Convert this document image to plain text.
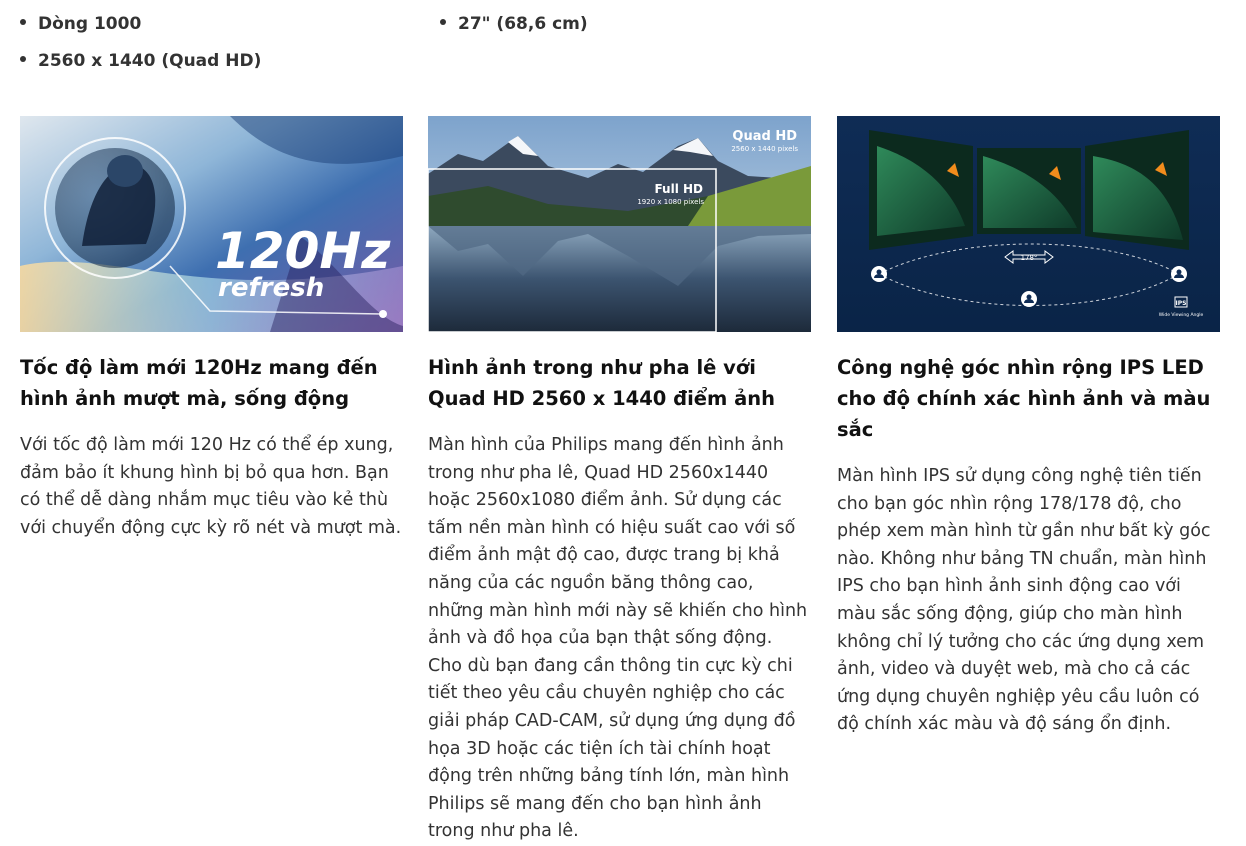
Dòng 1000	27" (68,6 cm)
2560 x 1440 (Quad HD)
120Hz
refresh
Tốc độ làm mới 120Hz mang đến hình ảnh mượt mà, sống động

Với tốc độ làm mới 120 Hz có thể ép xung, đảm bảo ít khung hình bị bỏ qua hơn. Bạn có thể dễ dàng nhắm mục tiêu vào kẻ thù với chuyển động cực kỳ rõ nét và mượt mà.

Quad HD
2560 x 1440 pixels
Full HD
1920 x 1080 pixels
Hình ảnh trong như pha lê với Quad HD 2560 x 1440 điểm ảnh

Màn hình của Philips mang đến hình ảnh trong như pha lê, Quad HD 2560x1440 hoặc 2560x1080 điểm ảnh. Sử dụng các tấm nền màn hình có hiệu suất cao với số điểm ảnh mật độ cao, được trang bị khả năng của các nguồn băng thông cao, những màn hình mới này sẽ khiến cho hình ảnh và đồ họa của bạn thật sống động. Cho dù bạn đang cần thông tin cực kỳ chi tiết theo yêu cầu chuyên nghiệp cho các giải pháp CAD-CAM, sử dụng ứng dụng đồ họa 3D hoặc các tiện ích tài chính hoạt động trên những bảng tính lớn, màn hình Philips sẽ mang đến cho bạn hình ảnh trong như pha lê.

178°
IPS
Wide Viewing Angle
Công nghệ góc nhìn rộng IPS LED cho độ chính xác hình ảnh và màu sắc

Màn hình IPS sử dụng công nghệ tiên tiến cho bạn góc nhìn rộng 178/178 độ, cho phép xem màn hình từ gần như bất kỳ góc nào. Không như bảng TN chuẩn, màn hình IPS cho bạn hình ảnh sinh động cao với màu sắc sống động, giúp cho màn hình không chỉ lý tưởng cho các ứng dụng xem ảnh, video và duyệt web, mà cho cả các ứng dụng chuyên nghiệp yêu cầu luôn có độ chính xác màu và độ sáng ổn định.
